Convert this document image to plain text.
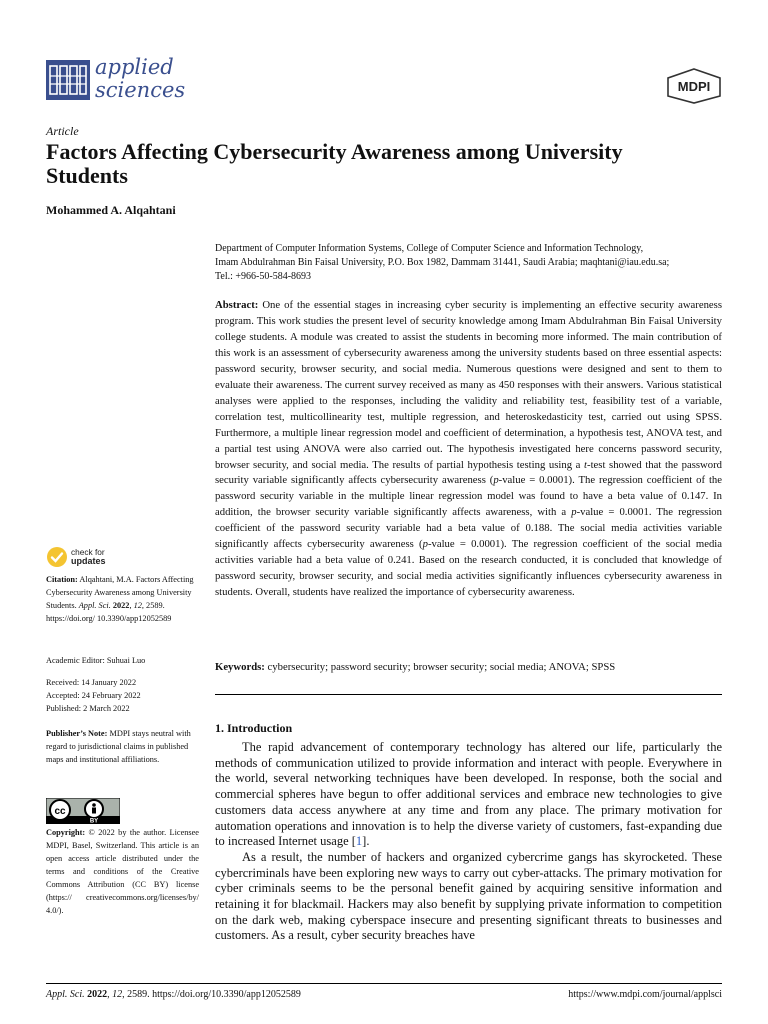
applied
sciences	MDPI
Article
Factors Affecting Cybersecurity Awareness among University Students
Mohammed A. Alqahtani
Department of Computer Information Systems, College of Computer Science and Information Technology,
Imam Abdulrahman Bin Faisal University, P.O. Box 1982, Dammam 31441, Saudi Arabia; maqhtani@iau.edu.sa;
Tel.: +966-50-584-8693

Abstract: One of the essential stages in increasing cyber security is implementing an effective security awareness program. This work studies the present level of security knowledge among Imam Abdulrahman Bin Faisal University college students. A module was created to assist the students in becoming more informed. The main contribution of this work is an assessment of cybersecurity awareness among the university students based on three essential aspects: password security, browser security, and social media. Numerous questions were designed and sent to them to evaluate their awareness. The current survey received as many as 450 responses with their answers. Various statistical analyses were applied to the responses, including the validity and reliability test, feasibility test of a variable, correlation test, multicollinearity test, multiple regression, and heteroskedasticity test, carried out using SPSS. Furthermore, a multiple linear regression model and coefficient of determination, a hypothesis test, ANOVA test, and a partial test using ANOVA were also carried out. The hypothesis investigated here concerns password security, browser security, and social media. The results of partial hypothesis testing using a t-test showed that the password security variable significantly affects cybersecurity awareness (p-value = 0.0001). The regression coefficient of the password security variable in the multiple linear regression model was found to have a beta value of 0.147. In addition, the browser security variable significantly affects awareness, with a p-value = 0.0001. The regression coefficient of the password security variable had a beta value of 0.188. The social media activities variable significantly affects cybersecurity awareness (p-value = 0.0001). The regression coefficient of the social media activities variable had a beta value of 0.241. Based on the research conducted, it is concluded that knowledge of password security, browser security, and social media activities significantly influences cybersecurity awareness in students. Overall, students have realized the importance of cybersecurity awareness.

Keywords: cybersecurity; password security; browser security; social media; ANOVA; SPSS

1. Introduction

The rapid advancement of contemporary technology has altered our life, particularly the methods of communication utilized to provide information and interact with people. Everywhere in the world, several networking techniques have been developed. In response, both the social and commercial spheres have begun to offer additional services and embrace new technologies to give customers data access anywhere at any time and from any place. The primary motivation for automation operations and innovation is to help the diverse variety of customers, fast-expanding due to increased Internet usage [1].

As a result, the number of hackers and organized cybercrime gangs has skyrocketed. These cybercriminals have been exploring new ways to carry out cyber-attacks. The primary motivation for cyber criminals seems to be the personal benefit gained by acquiring sensitive information and retaining it for blackmail. Hackers may also benefit by supplying private information to competition on the dark web, making cyberspace insecure and presenting significant threats to businesses and customers. As a result, cyber security breaches have

check for
updates
Citation: Alqahtani, M.A. Factors Affecting Cybersecurity Awareness among University Students. Appl. Sci. 2022, 12, 2589. https://doi.org/ 10.3390/app12052589
Academic Editor: Suhuai Luo
Received: 14 January 2022
Accepted: 24 February 2022
Published: 2 March 2022
Publisher’s Note: MDPI stays neutral with regard to jurisdictional claims in published maps and institutional affiliations.
cc
BY
Copyright: © 2022 by the author. Licensee MDPI, Basel, Switzerland. This article is an open access article distributed under the terms and conditions of the Creative Commons Attribution (CC BY) license (https:// creativecommons.org/licenses/by/ 4.0/).
Appl. Sci. 2022, 12, 2589. https://doi.org/10.3390/app12052589	https://www.mdpi.com/journal/applsci
